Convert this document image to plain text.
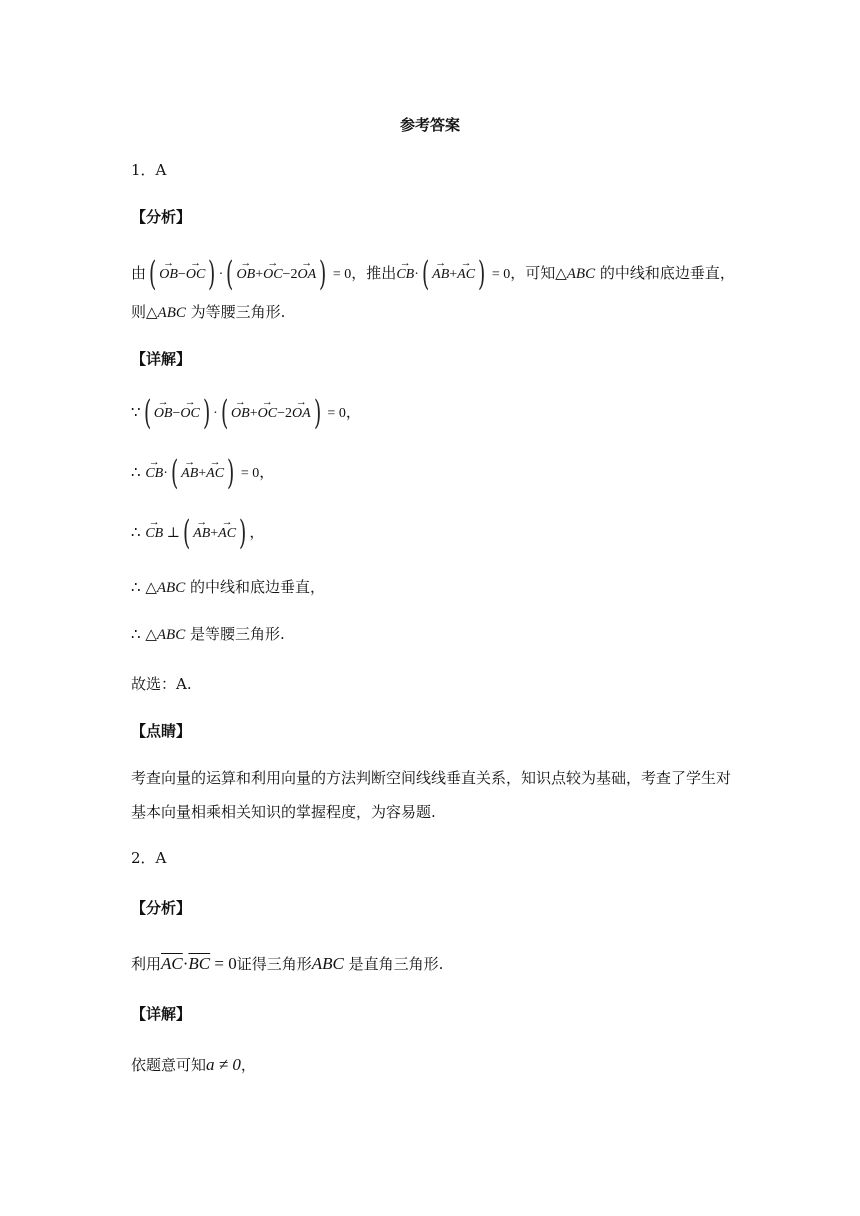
参考答案
1．A
【分析】
由( → OB−→ OC) ·( → OB+→ OC−2→ OA) = 0，推出→ CB·( → AB+→ AC) = 0，可知△ABC 的中线和底边垂直，
则△ABC 为等腰三角形.
【详解】
∵( → OB−→ OC) ·( → OB+→ OC−2→ OA) = 0，
∴ → CB·( → AB+→ AC) = 0，
∴ → CB ⊥( → AB+→ AC) ，
∴ △ABC 的中线和底边垂直，
∴ △ABC 是等腰三角形.
故选：A.
【点睛】
考查向量的运算和利用向量的方法判断空间线线垂直关系，知识点较为基础，考查了学生对
基本向量相乘相关知识的掌握程度，为容易题.
2．A
【分析】
利用$\overline{AC}\cdot\overline{BC} = 0$证得三角形ABC 是直角三角形.
【详解】
依题意可知a ≠ 0，
